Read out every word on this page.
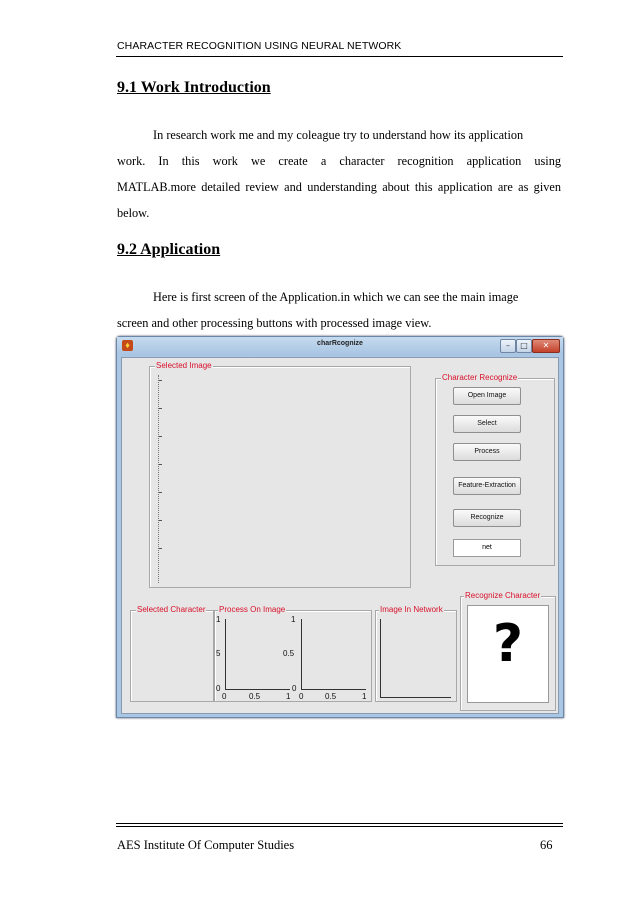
CHARACTER RECOGNITION USING NEURAL NETWORK
9.1 Work Introduction
In research work me and my coleague try to understand how its application
work. In this work we create a character recognition application using
MATLAB.more detailed review and understanding about this application are as given
below.
9.2 Application
Here is first screen of the Application.in which we can see the main image
screen and other processing buttons with processed image view.
♦	charRcognize	–	□	✕
Selected Image
Character Recognize
Open Image
Select
Process
Feature-Extraction
Recognize
net
Selected Character Process On Image
1
5
0
0	0.5	1
1
0.5
0
0	0.5	1
Image In Network
Recognize Character
?
AES Institute Of Computer Studies	66
